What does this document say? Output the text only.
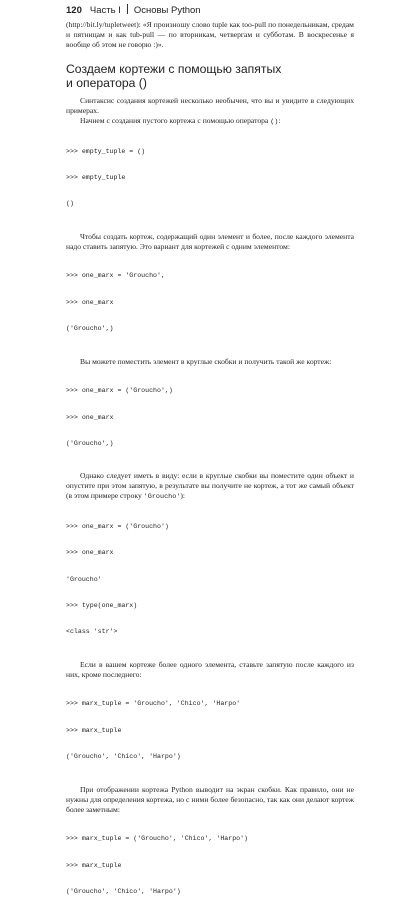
120 Часть I Основы Python

(http://bit.ly/tupletweet): «Я произношу слово tuple как too-pull по понедельникам, средам и пятницам и как tub-pull — по вторникам, четвергам и субботам. В воскресенье я вообще об этом не говорю :)».

Создаем кортежи с помощью запятых
и оператора ()

Синтаксис создания кортежей несколько необычен, что вы и увидите в следующих примерах.

Начнем с создания пустого кортежа с помощью оператора ():

>>> empty_tuple = ()

>>> empty_tuple

()

Чтобы создать кортеж, содержащий один элемент и более, после каждого элемента надо ставить запятую. Это вариант для кортежей с одним элементом:

>>> one_marx = 'Groucho',

>>> one_marx

('Groucho',)

Вы можете поместить элемент в круглые скобки и получить такой же кортеж:

>>> one_marx = ('Groucho',)

>>> one_marx

('Groucho',)

Однако следует иметь в виду: если в круглые скобки вы поместите один объект и опустите при этом запятую, в результате вы получите не кортеж, а тот же самый объект (в этом примере строку 'Groucho'):

>>> one_marx = ('Groucho')

>>> one_marx

'Groucho'

>>> type(one_marx)

<class 'str'>

Если в вашем кортеже более одного элемента, ставьте запятую после каждого из них, кроме последнего:

>>> marx_tuple = 'Groucho', 'Chico', 'Harpo'

>>> marx_tuple

('Groucho', 'Chico', 'Harpo')

При отображении кортежа Python выводит на экран скобки. Как правило, они не нужны для определения кортежа, но с ними более безопасно, так как они делают кортеж более заметным:

>>> marx_tuple = ('Groucho', 'Chico', 'Harpo')

>>> marx_tuple

('Groucho', 'Chico', 'Harpo')
